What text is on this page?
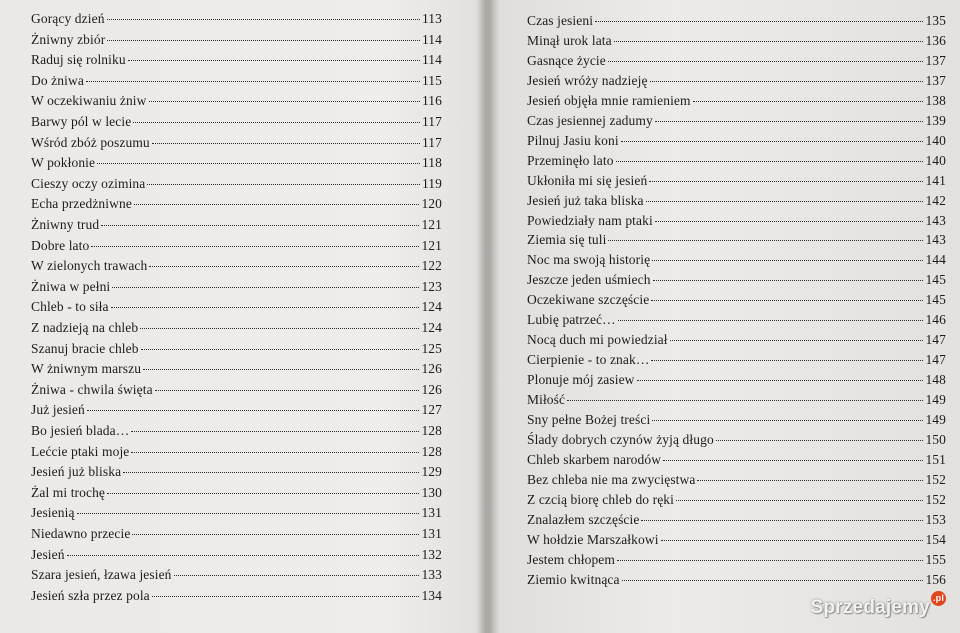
Gorący dzień	113
Żniwny zbiór	114
Raduj się rolniku	114
Do żniwa	115
W oczekiwaniu żniw	116
Barwy pól w lecie	117
Wśród zbóż poszumu	117
W pokłonie	118
Cieszy oczy ozimina	119
Echa przedżniwne	120
Żniwny trud	121
Dobre lato	121
W zielonych trawach	122
Żniwa w pełni	123
Chleb - to siła	124
Z nadzieją na chleb	124
Szanuj bracie chleb	125
W żniwnym marszu	126
Żniwa - chwila święta	126
Już jesień	127
Bo jesień blada…	128
Lećcie ptaki moje	128
Jesień już bliska	129
Żal mi trochę	130
Jesienią	131
Niedawno przecie	131
Jesień	132
Szara jesień, łzawa jesień	133
Jesień szła przez pola	134
Czas jesieni	135
Minął urok lata	136
Gasnące życie	137
Jesień wróży nadzieję	137
Jesień objęła mnie ramieniem	138
Czas jesiennej zadumy	139
Pilnuj Jasiu koni	140
Przeminęło lato	140
Ukłoniła mi się jesień	141
Jesień już taka bliska	142
Powiedziały nam ptaki	143
Ziemia się tuli	143
Noc ma swoją historię	144
Jeszcze jeden uśmiech	145
Oczekiwane szczęście	145
Lubię patrzeć…	146
Nocą duch mi powiedział	147
Cierpienie - to znak…	147
Plonuje mój zasiew	148
Miłość	149
Sny pełne Bożej treści	149
Ślady dobrych czynów żyją długo	150
Chleb skarbem narodów	151
Bez chleba nie ma zwycięstwa	152
Z czcią biorę chleb do ręki	152
Znalazłem szczęście	153
W hołdzie Marszałkowi	154
Jestem chłopem	155
Ziemio kwitnąca	156
Sprzedajemy .pl
